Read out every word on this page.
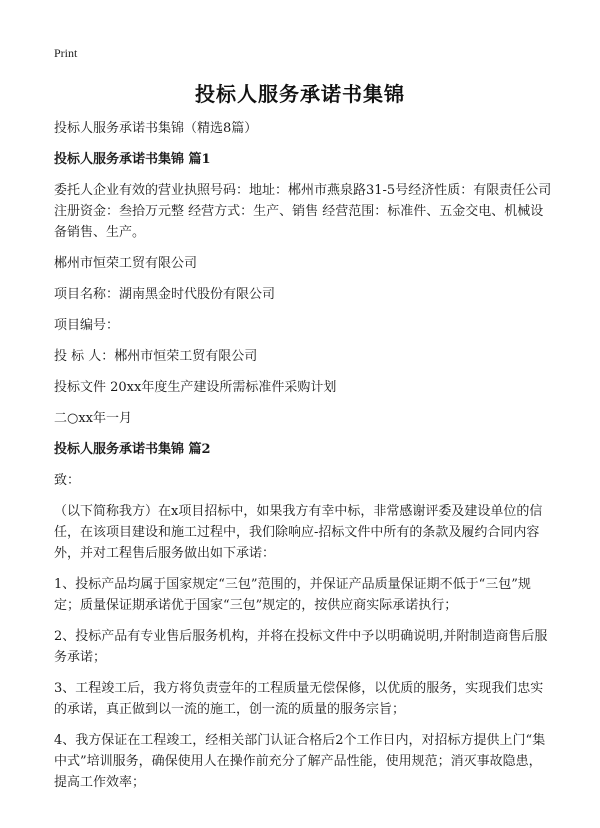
Print
投标人服务承诺书集锦

投标人服务承诺书集锦（精选8篇）

投标人服务承诺书集锦 篇1

委托人企业有效的营业执照号码：地址：郴州市燕泉路31-5号经济性质：有限责任公司 注册资金：叁拾万元整 经营方式：生产、销售 经营范围：标准件、五金交电、机械设备销售、生产。

郴州市恒荣工贸有限公司

项目名称：湖南黑金时代股份有限公司

项目编号：

投 标 人：郴州市恒荣工贸有限公司

投标文件 20xx年度生产建设所需标准件采购计划

二○xx年一月

投标人服务承诺书集锦 篇2

致：

（以下简称我方）在x项目招标中，如果我方有幸中标，非常感谢评委及建设单位的信任，在该项目建设和施工过程中，我们除响应-招标文件中所有的条款及履约合同内容外，并对工程售后服务做出如下承诺：

1、投标产品均属于国家规定“三包”范围的，并保证产品质量保证期不低于“三包”规定；质量保证期承诺优于国家“三包”规定的，按供应商实际承诺执行；

2、投标产品有专业售后服务机构，并将在投标文件中予以明确说明,并附制造商售后服务承诺；

3、工程竣工后，我方将负责壹年的工程质量无偿保修，以优质的服务，实现我们忠实的承诺，真正做到以一流的施工，创一流的质量的服务宗旨；

4、我方保证在工程竣工，经相关部门认证合格后2个工作日内，对招标方提供上门“集中式”培训服务，确保使用人在操作前充分了解产品性能，使用规范；消灭事故隐患，提高工作效率；
